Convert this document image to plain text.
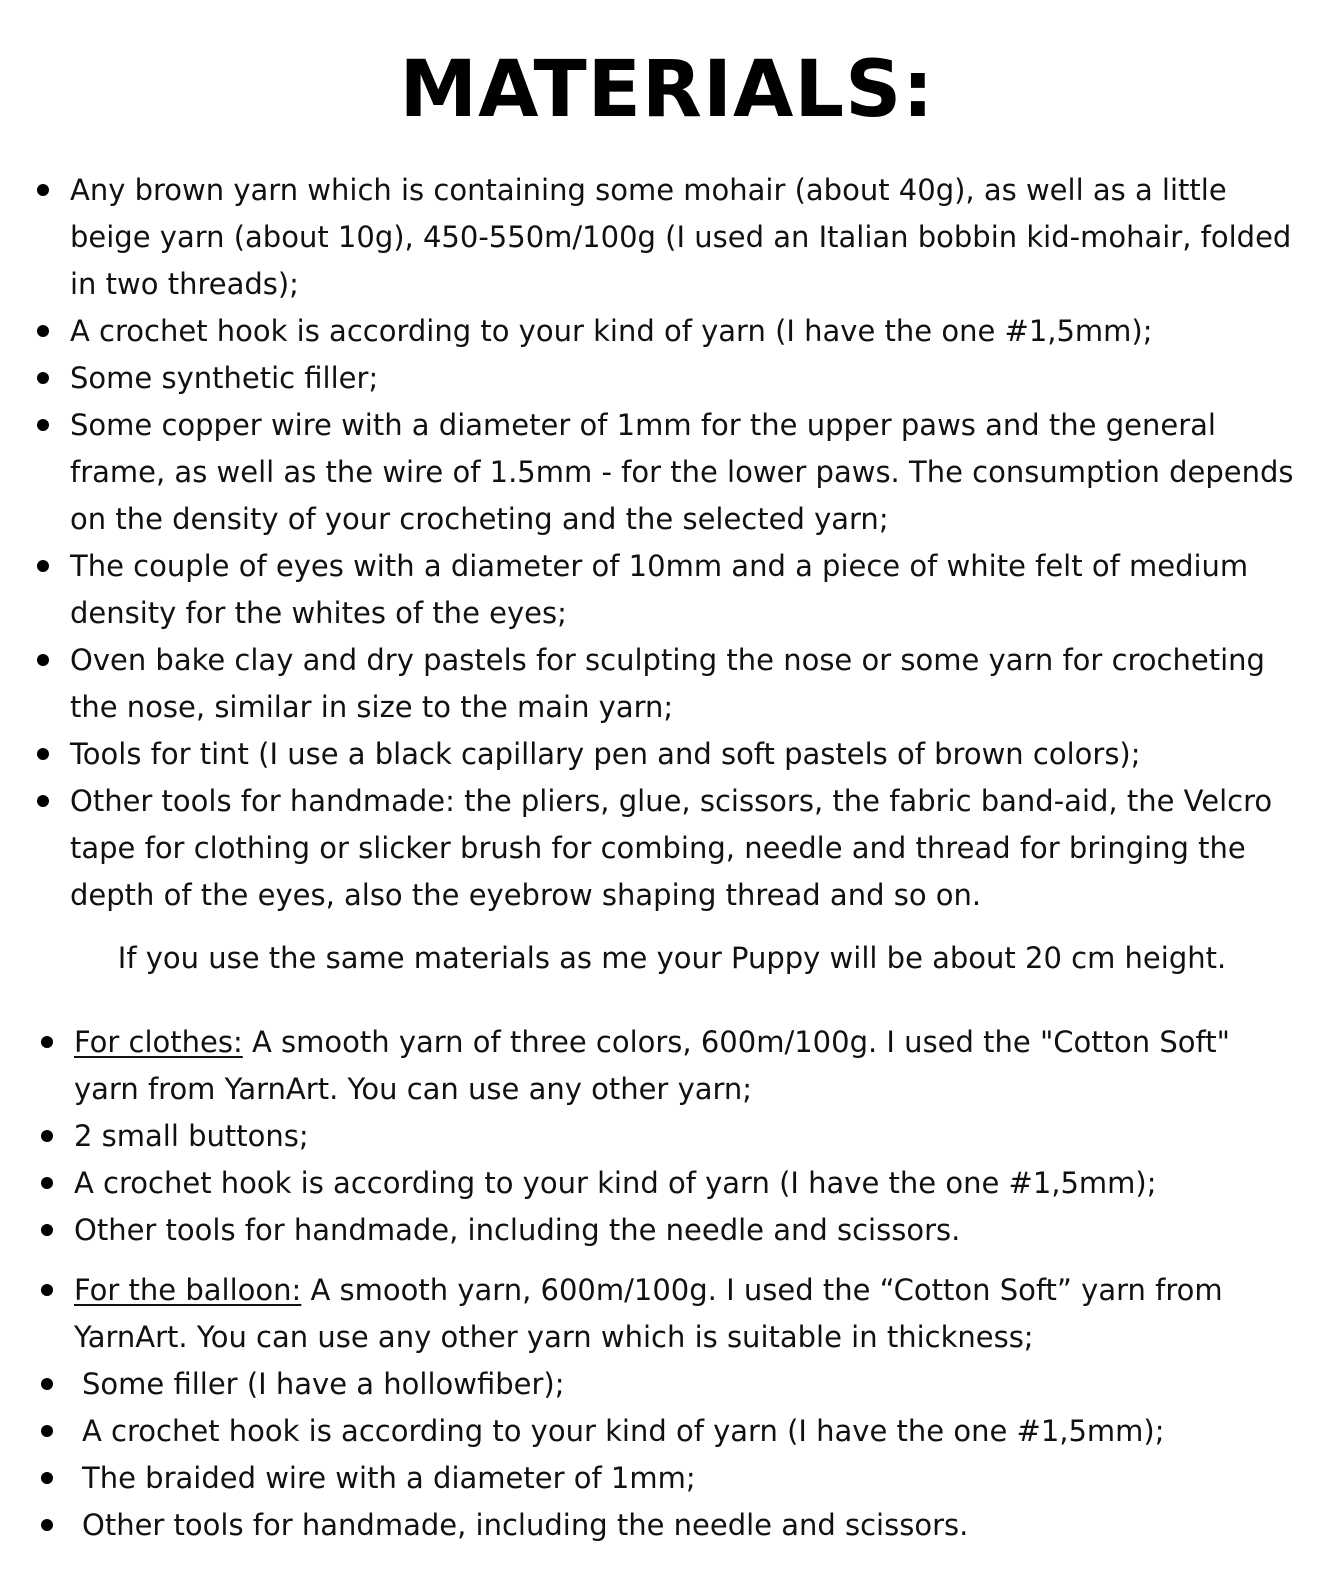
MATERIALS:
Any brown yarn which is containing some mohair (about 40g), as well as a little beige yarn (about 10g), 450-550m/100g (I used an Italian bobbin kid-mohair, folded in two threads);
A crochet hook is according to your kind of yarn (I have the one #1,5mm);
Some synthetic filler;
Some copper wire with a diameter of 1mm for the upper paws and the general frame, as well as the wire of 1.5mm - for the lower paws. The consumption depends on the density of your crocheting and the selected yarn;
The couple of eyes with a diameter of 10mm and a piece of white felt of medium density for the whites of the eyes;
Oven bake clay and dry pastels for sculpting the nose or some yarn for crocheting the nose, similar in size to the main yarn;
Tools for tint (I use a black capillary pen and soft pastels of brown colors);
Other tools for handmade: the pliers, glue, scissors, the fabric band-aid, the Velcro tape for clothing or slicker brush for combing, needle and thread for bringing the depth of the eyes, also the eyebrow shaping thread and so on.

If you use the same materials as me your Puppy will be about 20 cm height.

For clothes: A smooth yarn of three colors, 600m/100g. I used the "Cotton Soft" yarn from YarnArt. You can use any other yarn;
2 small buttons;
A crochet hook is according to your kind of yarn (I have the one #1,5mm);
Other tools for handmade, including the needle and scissors.
For the balloon: A smooth yarn, 600m/100g. I used the “Cotton Soft” yarn from YarnArt. You can use any other yarn which is suitable in thickness;
Some filler (I have a hollowfiber);
A crochet hook is according to your kind of yarn (I have the one #1,5mm);
The braided wire with a diameter of 1mm;
Other tools for handmade, including the needle and scissors.
